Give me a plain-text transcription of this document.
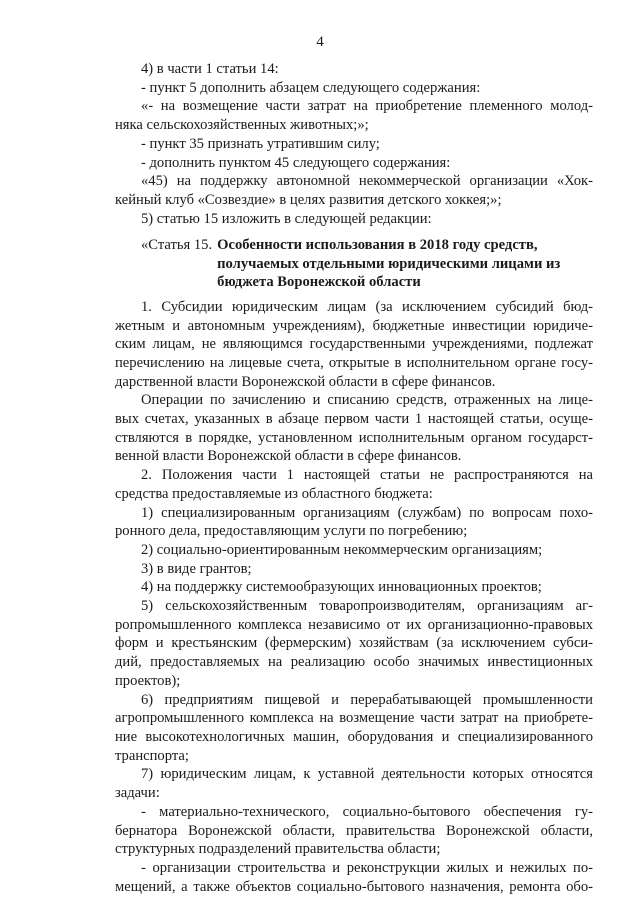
4

4) в части 1 статьи 14:

- пункт 5 дополнить абзацем следующего содержания:

«- на возмещение части затрат на приобретение племенного молод-

няка сельскохозяйственных животных;»;

- пункт 35 признать утратившим силу;

- дополнить пунктом 45 следующего содержания:

«45) на поддержку автономной некоммерческой организации «Хок-

кейный клуб «Созвездие» в целях развития детского хоккея;»;

5) статью 15 изложить в следующей редакции:

«Статья 15. Особенности использования в 2018 году средств,
получаемых отдельными юридическими лицами из
бюджета Воронежской области

1. Субсидии юридическим лицам (за исключением субсидий бюд-

жетным и автономным учреждениям), бюджетные инвестиции юридиче-

ским лицам, не являющимся государственными учреждениями, подлежат

перечислению на лицевые счета, открытые в исполнительном органе госу-

дарственной власти Воронежской области в сфере финансов.

Операции по зачислению и списанию средств, отраженных на лице-

вых счетах, указанных в абзаце первом части 1 настоящей статьи, осуще-

ствляются в порядке, установленном исполнительным органом государст-

венной власти Воронежской области в сфере финансов.

2. Положения части 1 настоящей статьи не распространяются на

средства предоставляемые из областного бюджета:

1) специализированным организациям (службам) по вопросам похо-

ронного дела, предоставляющим услуги по погребению;

2) социально-ориентированным некоммерческим организациям;

3) в виде грантов;

4) на поддержку системообразующих инновационных проектов;

5) сельскохозяйственным товаропроизводителям, организациям аг-

ропромышленного комплекса независимо от их организационно-правовых

форм и крестьянским (фермерским) хозяйствам (за исключением субси-

дий, предоставляемых на реализацию особо значимых инвестиционных

проектов);

6) предприятиям пищевой и перерабатывающей промышленности

агропромышленного комплекса на возмещение части затрат на приобрете-

ние высокотехнологичных машин, оборудования и специализированного

транспорта;

7) юридическим лицам, к уставной деятельности которых относятся

задачи:

- материально-технического, социально-бытового обеспечения гу-

бернатора Воронежской области, правительства Воронежской области,

структурных подразделений правительства области;

- организации строительства и реконструкции жилых и нежилых по-

мещений, а также объектов социально-бытового назначения, ремонта обо-
